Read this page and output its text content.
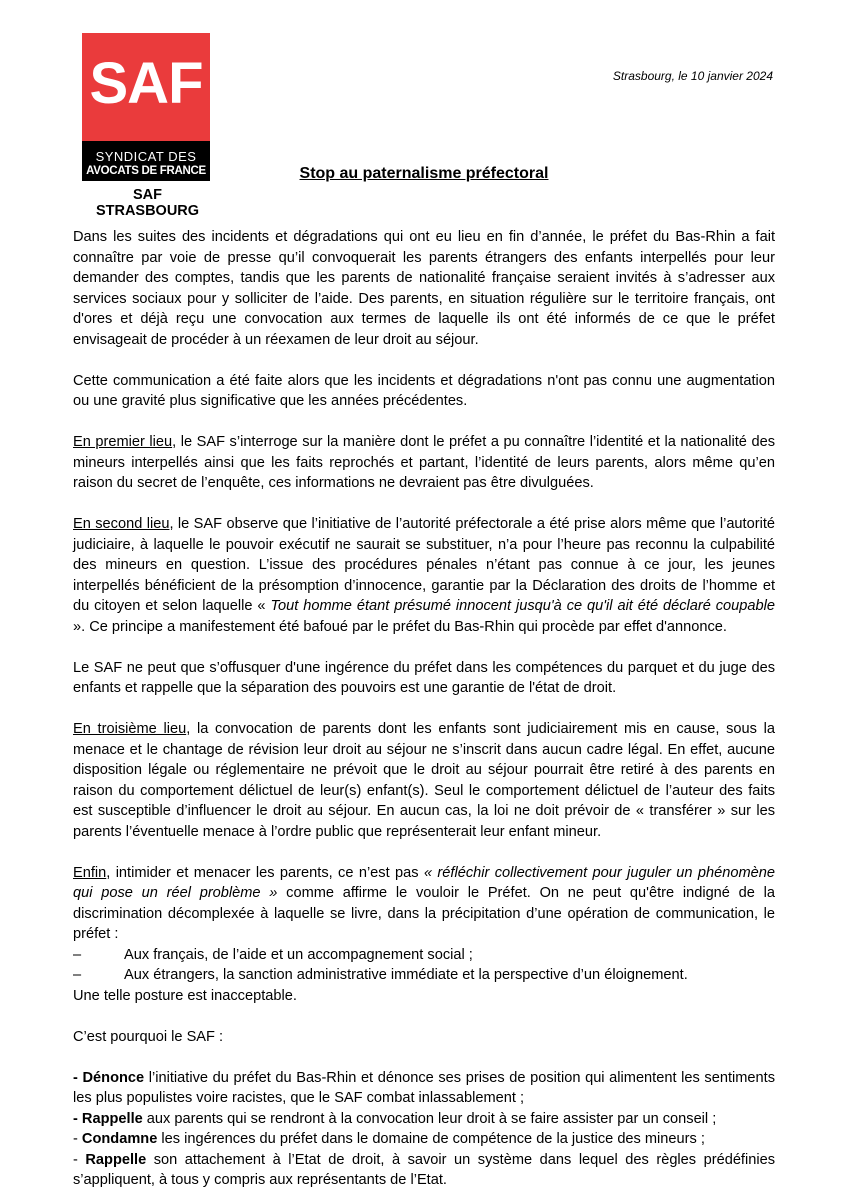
SAF
SYNDICAT DES
AVOCATS DE FRANCE
SAF STRASBOURG
Strasbourg, le 10 janvier 2024
Stop au paternalisme préfectoral

Dans les suites des incidents et dégradations qui ont eu lieu en fin d’année, le préfet du Bas-Rhin a fait connaître par voie de presse qu’il convoquerait les parents étrangers des enfants interpellés pour leur demander des comptes, tandis que les parents de nationalité française seraient invités à s’adresser aux services sociaux pour y solliciter de l’aide. Des parents, en situation régulière sur le territoire français, ont d'ores et déjà reçu une convocation aux termes de laquelle ils ont été informés de ce que le préfet envisageait de procéder à un réexamen de leur droit au séjour.

Cette communication a été faite alors que les incidents et dégradations n'ont pas connu une augmentation ou une gravité plus significative que les années précédentes.

En premier lieu, le SAF s’interroge sur la manière dont le préfet a pu connaître l’identité et la nationalité des mineurs interpellés ainsi que les faits reprochés et partant, l’identité de leurs parents, alors même qu’en raison du secret de l’enquête, ces informations ne devraient pas être divulguées.

En second lieu, le SAF observe que l’initiative de l’autorité préfectorale a été prise alors même que l’autorité judiciaire, à laquelle le pouvoir exécutif ne saurait se substituer, n’a pour l’heure pas reconnu la culpabilité des mineurs en question. L’issue des procédures pénales n’étant pas connue à ce jour, les jeunes interpellés bénéficient de la présomption d’innocence, garantie par la Déclaration des droits de l’homme et du citoyen et selon laquelle « Tout homme étant présumé innocent jusqu'à ce qu'il ait été déclaré coupable ». Ce principe a manifestement été bafoué par le préfet du Bas-Rhin qui procède par effet d'annonce.

Le SAF ne peut que s’offusquer d'une ingérence du préfet dans les compétences du parquet et du juge des enfants et rappelle que la séparation des pouvoirs est une garantie de l'état de droit.

En troisième lieu, la convocation de parents dont les enfants sont judiciairement mis en cause, sous la menace et le chantage de révision leur droit au séjour ne s’inscrit dans aucun cadre légal. En effet, aucune disposition légale ou réglementaire ne prévoit que le droit au séjour pourrait être retiré à des parents en raison du comportement délictuel de leur(s) enfant(s). Seul le comportement délictuel de l’auteur des faits est susceptible d’influencer le droit au séjour. En aucun cas, la loi ne doit prévoir de « transférer » sur les parents l’éventuelle menace à l’ordre public que représenterait leur enfant mineur.

Enfin, intimider et menacer les parents, ce n’est pas « réfléchir collectivement pour juguler un phénomène qui pose un réel problème » comme affirme le vouloir le Préfet. On ne peut qu'être indigné de la discrimination décomplexée à laquelle se livre, dans la précipitation d’une opération de communication, le préfet :

–	Aux français, de l’aide et un accompagnement social ;
–	Aux étrangers, la sanction administrative immédiate et la perspective d’un éloignement.

Une telle posture est inacceptable.

C’est pourquoi le SAF :

- Dénonce l’initiative du préfet du Bas-Rhin et dénonce ses prises de position qui alimentent les sentiments les plus populistes voire racistes, que le SAF combat inlassablement ;

- Rappelle aux parents qui se rendront à la convocation leur droit à se faire assister par un conseil ;

- Condamne les ingérences du préfet dans le domaine de compétence de la justice des mineurs ;

- Rappelle son attachement à l’Etat de droit, à savoir un système dans lequel des règles prédéfinies s’appliquent, à tous y compris aux représentants de l’Etat.
